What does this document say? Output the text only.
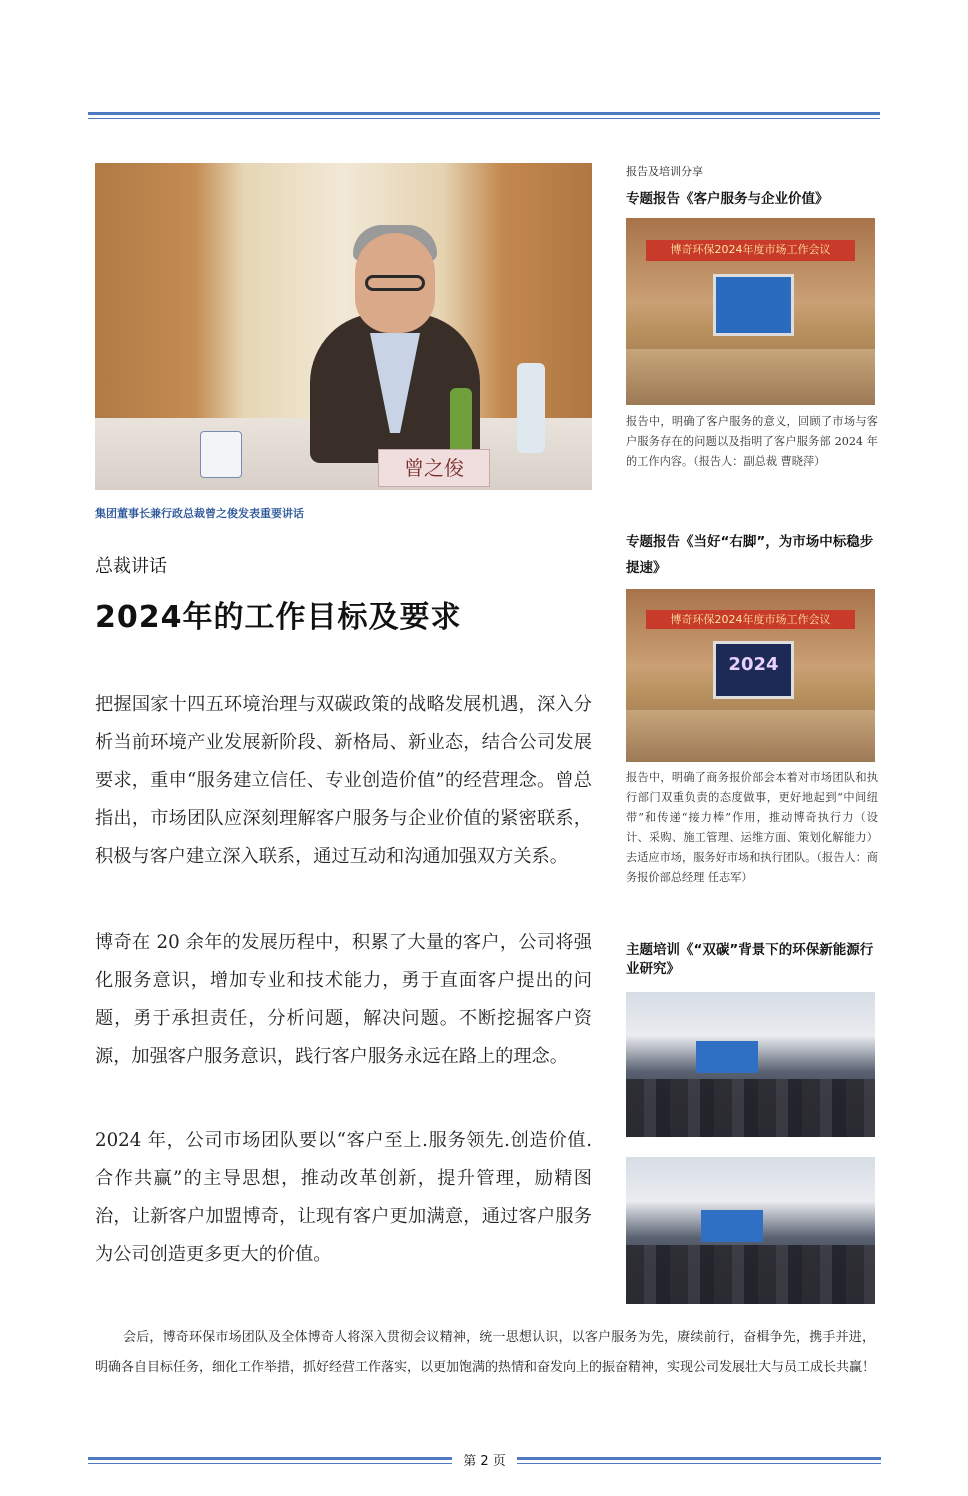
曾之俊
集团董事长兼行政总裁曾之俊发表重要讲话
总裁讲话
2024年的工作目标及要求
把握国家十四五环境治理与双碳政策的战略发展机遇，深入分析当前环境产业发展新阶段、新格局、新业态，结合公司发展要求，重申“服务建立信任、专业创造价值”的经营理念。曾总指出，市场团队应深刻理解客户服务与企业价值的紧密联系，积极与客户建立深入联系，通过互动和沟通加强双方关系。
博奇在 20 余年的发展历程中，积累了大量的客户，公司将强化服务意识，增加专业和技术能力，勇于直面客户提出的问题，勇于承担责任，分析问题，解决问题。不断挖掘客户资源，加强客户服务意识，践行客户服务永远在路上的理念。
2024 年，公司市场团队要以“客户至上.服务领先.创造价值.合作共赢”的主导思想，推动改革创新，提升管理，励精图治，让新客户加盟博奇，让现有客户更加满意，通过客户服务为公司创造更多更大的价值。
报告及培训分享
专题报告《客户服务与企业价值》
博奇环保2024年度市场工作会议
报告中，明确了客户服务的意义，回顾了市场与客户服务存在的问题以及指明了客户服务部 2024 年的工作内容。（报告人：副总裁 曹晓萍）
专题报告《当好“右脚”，为市场中标稳步提速》
博奇环保2024年度市场工作会议
2024
报告中，明确了商务报价部会本着对市场团队和执行部门双重负责的态度做事，更好地起到“中间纽带”和传递“接力棒”作用，推动博奇执行力（设计、采购、施工管理、运维方面、策划化解能力）去适应市场，服务好市场和执行团队。（报告人：商务报价部总经理 任志军）
主题培训《“双碳”背景下的环保新能源行业研究》
会后，博奇环保市场团队及全体博奇人将深入贯彻会议精神，统一思想认识，以客户服务为先，赓续前行，奋楫争先，携手并进，明确各自目标任务，细化工作举措，抓好经营工作落实，以更加饱满的热情和奋发向上的振奋精神，实现公司发展壮大与员工成长共赢！
第 2 页
